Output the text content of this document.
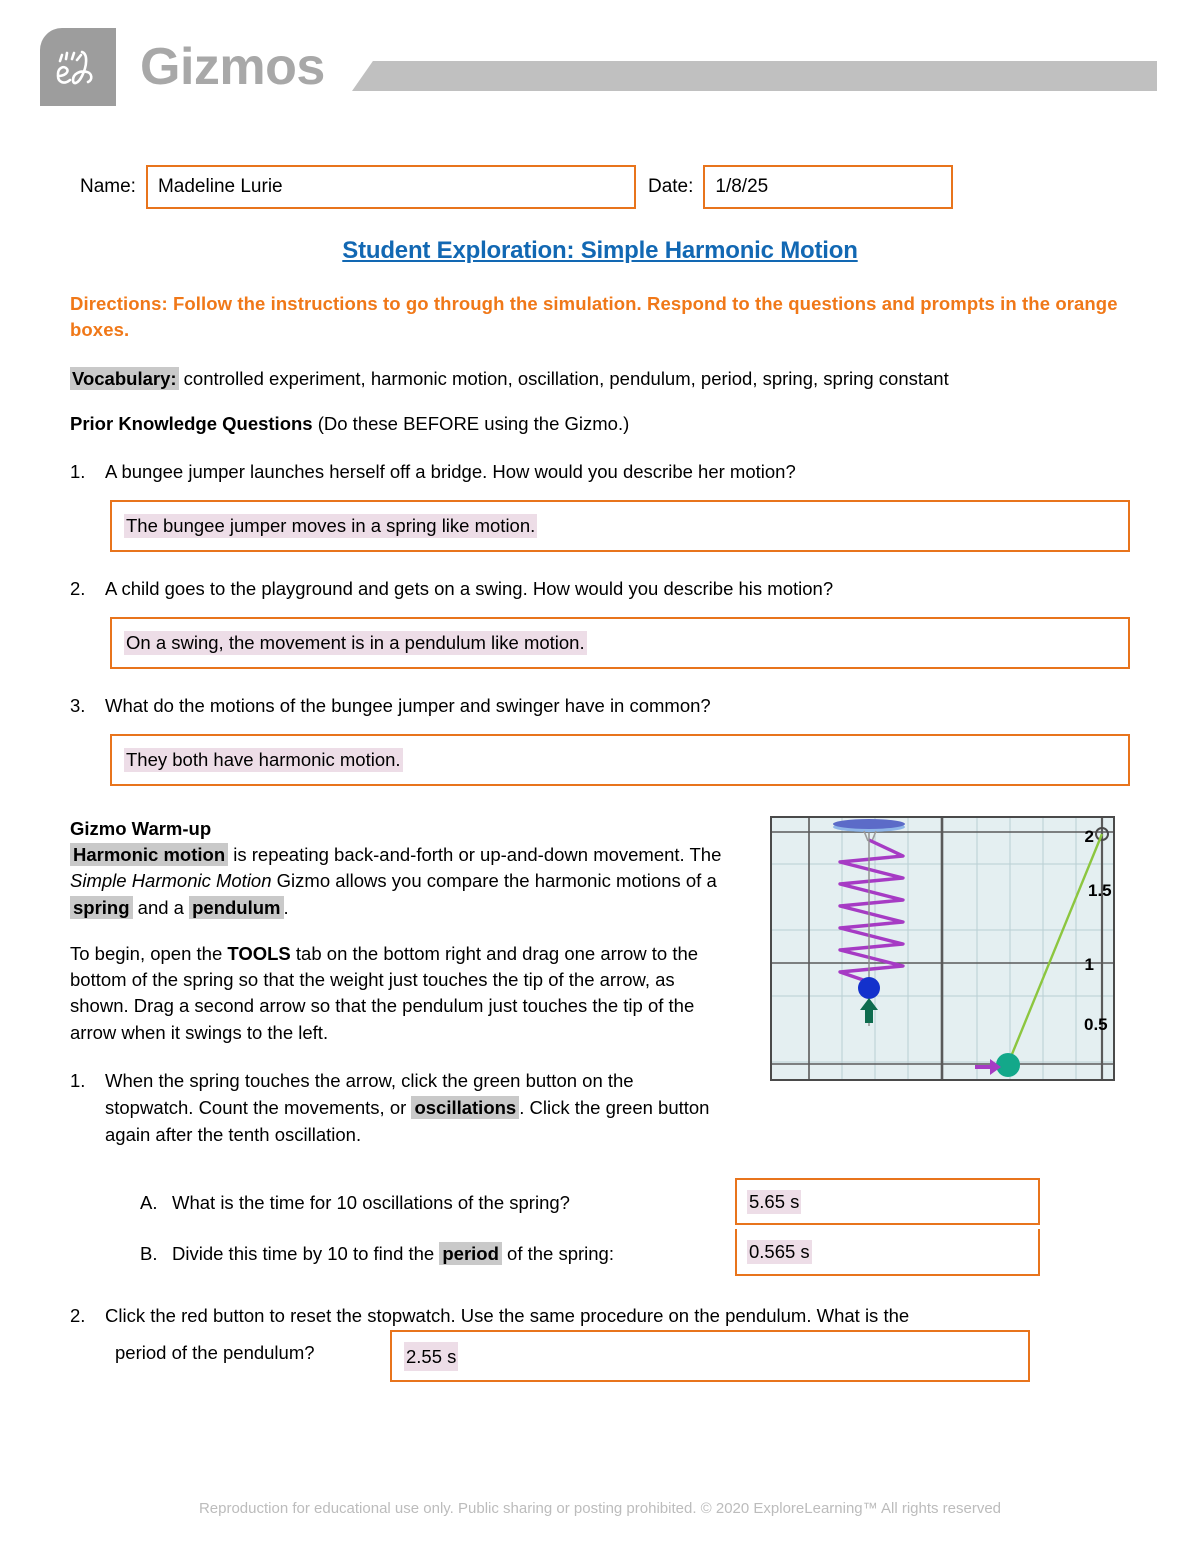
Gizmos
Name:	Madeline Lurie	Date:	1/8/25
Student Exploration: Simple Harmonic Motion
Directions: Follow the instructions to go through the simulation. Respond to the questions and prompts in the orange boxes.
Vocabulary: controlled experiment, harmonic motion, oscillation, pendulum, period, spring, spring constant
Prior Knowledge Questions (Do these BEFORE using the Gizmo.)
1.	A bungee jumper launches herself off a bridge. How would you describe her motion?
The bungee jumper moves in a spring like motion.
2.	A child goes to the playground and gets on a swing. How would you describe his motion?
On a swing, the movement is in a pendulum like motion.
3.	What do the motions of the bungee jumper and swinger have in common?
They both have harmonic motion.

Gizmo Warm-up

Harmonic motion is repeating back-and-forth or up-and-down movement. The Simple Harmonic Motion Gizmo allows you compare the harmonic motions of a spring and a pendulum .

To begin, open the TOOLS tab on the bottom right and drag one arrow to the bottom of the spring so that the weight just touches the tip of the arrow, as shown. Drag a second arrow so that the pendulum just touches the tip of the arrow when it swings to the left.

2
1.5
1
0.5
1.	When the spring touches the arrow, click the green button on the stopwatch. Count the movements, or oscillations . Click the green button again after the tenth oscillation.
A. What is the time for 10 oscillations of the spring?	5.65 s
B. Divide this time by 10 to find the period of the spring:	0.565 s
2. Click the red button to reset the stopwatch. Use the same procedure on the pendulum. What is the
period of the pendulum?	2.55 s
Reproduction for educational use only. Public sharing or posting prohibited. © 2020 ExploreLearning™ All rights reserved
